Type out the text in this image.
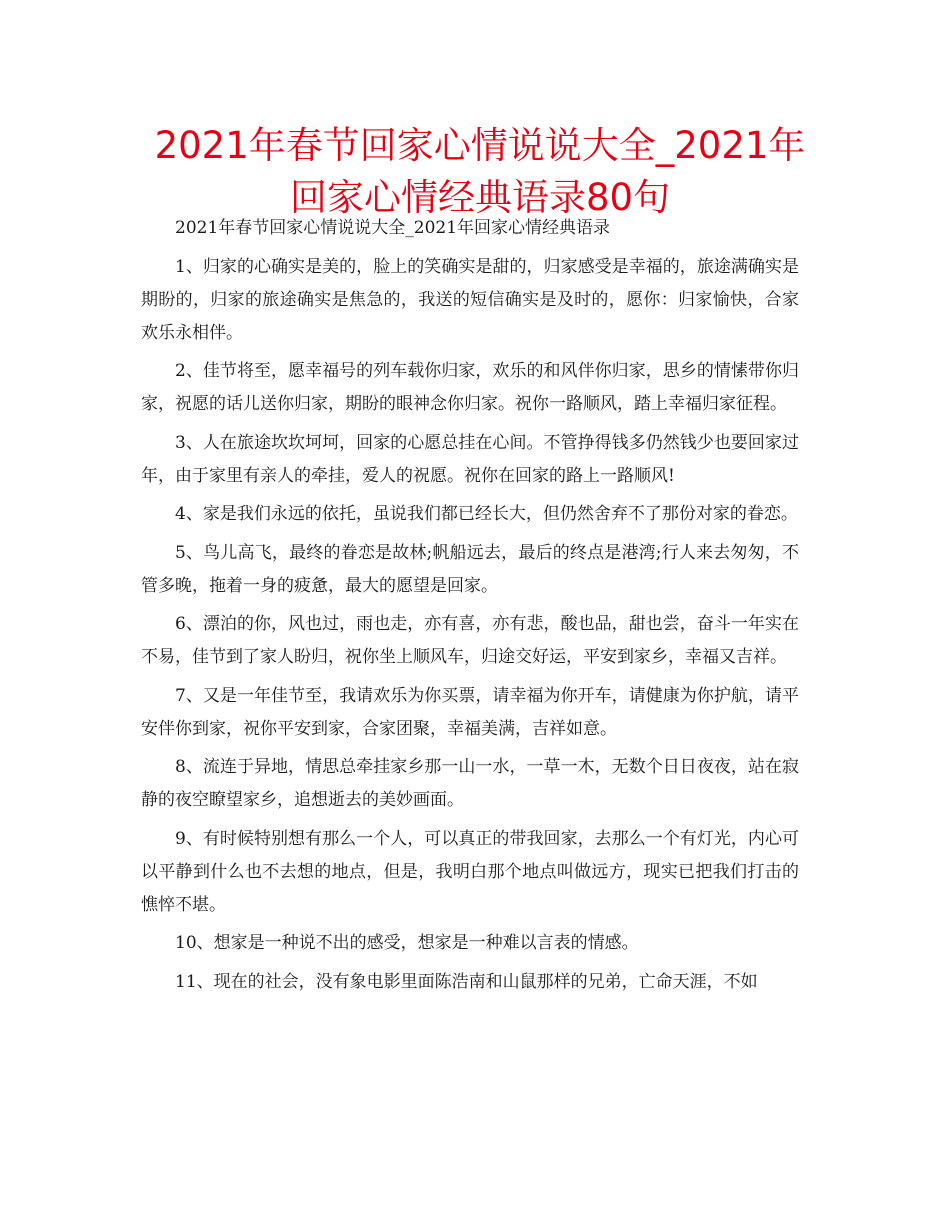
2021年春节回家心情说说大全_2021年回家心情经典语录80句

2021年春节回家心情说说大全_2021年回家心情经典语录

1、归家的心确实是美的，脸上的笑确实是甜的，归家感受是幸福的，旅途满确实是期盼的，归家的旅途确实是焦急的，我送的短信确实是及时的，愿你：归家愉快，合家欢乐永相伴。

2、佳节将至，愿幸福号的列车载你归家，欢乐的和风伴你归家，思乡的情愫带你归家，祝愿的话儿送你归家，期盼的眼神念你归家。祝你一路顺风，踏上幸福归家征程。

3、人在旅途坎坎坷坷，回家的心愿总挂在心间。不管挣得钱多仍然钱少也要回家过年，由于家里有亲人的牵挂，爱人的祝愿。祝你在回家的路上一路顺风!

4、家是我们永远的依托，虽说我们都已经长大，但仍然舍弃不了那份对家的眷恋。

5、鸟儿高飞，最终的眷恋是故林;帆船远去，最后的终点是港湾;行人来去匆匆，不管多晚，拖着一身的疲惫，最大的愿望是回家。

6、漂泊的你，风也过，雨也走，亦有喜，亦有悲，酸也品，甜也尝，奋斗一年实在不易，佳节到了家人盼归，祝你坐上顺风车，归途交好运，平安到家乡，幸福又吉祥。

7、又是一年佳节至，我请欢乐为你买票，请幸福为你开车，请健康为你护航，请平安伴你到家，祝你平安到家，合家团聚，幸福美满，吉祥如意。

8、流连于异地，情思总牵挂家乡那一山一水，一草一木，无数个日日夜夜，站在寂静的夜空瞭望家乡，追想逝去的美妙画面。

9、有时候特别想有那么一个人，可以真正的带我回家，去那么一个有灯光，内心可以平静到什么也不去想的地点，但是，我明白那个地点叫做远方，现实已把我们打击的憔悴不堪。

10、想家是一种说不出的感受，想家是一种难以言表的情感。

11、现在的社会，没有象电影里面陈浩南和山鼠那样的兄弟，亡命天涯，不如
